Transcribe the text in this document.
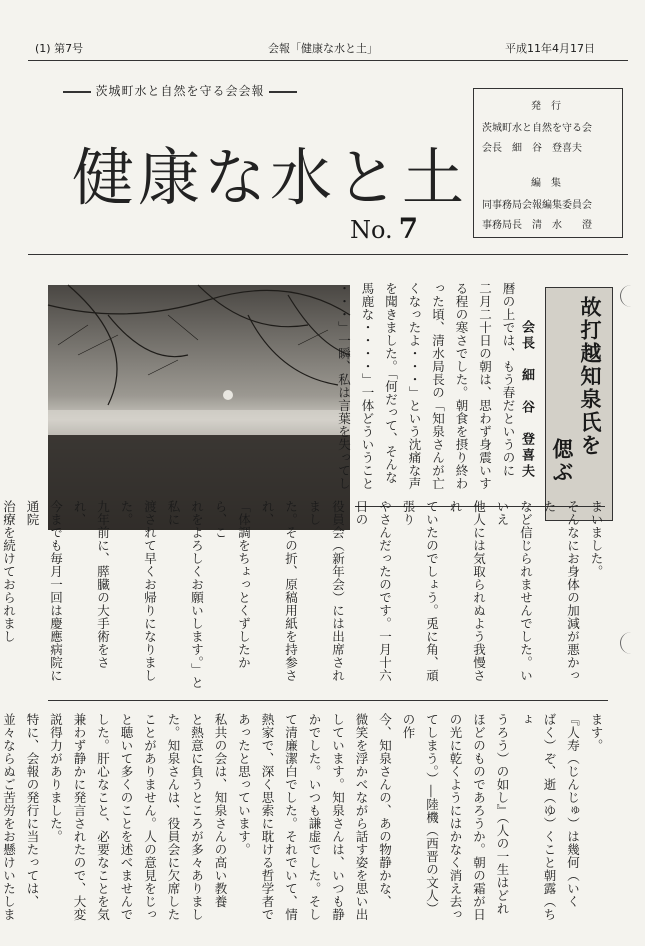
(1) 第7号	会報「健康な水と土」	平成11年4月17日
茨城町水と自然を守る会会報
健康な水と土
No. 7
発　行
茨城町水と自然を守る会
会長　細　谷　登喜夫
編　集
同事務局会報編集委員会
事務局長　清　水　　澄
故打越知泉氏を
偲ぶ
会長　細　谷　登喜夫
暦の上では、もう春だというのに
二月二十日の朝は、思わず身震いす
る程の寒さでした。朝食を摂り終わ
った頃、清水局長の「知泉さんが亡
くなったよ・・・」という沈痛な声
を聞きました。「何だって、そんな
馬鹿な・・・・」一体どういうこと
・・・」一瞬、私は言葉を失ってし
まいました。
そんなにお身体の加減が悪かった
など信じられませんでした。いいえ
他人には気取られぬよう我慢され
ていたのでしょう。兎に角、頑張り
やさんだったのです。一月十六日の
役員会（新年会）には出席されまし
た。その折、原稿用紙を持参され、
「体調をちょっとくずしたから、こ
れをよろしくお願いします。」と私に
渡されて早くお帰りになりました。
九年前に、膵臓の大手術をされ、
今までも毎月一回は慶應病院に通院
治療を続けておられまし

ます。
『人寿（じんじゅ）は幾何（いく
ばく）ぞ、逝（ゆ）くこと朝露（ちょ
うろう）の如し』（人の一生はどれ
ほどのものであろうか。朝の霜が日
の光に乾くようにはかなく消え去っ
てしまう。）―陸機（西晋の文人）
の作
今、知泉さんの、あの物静かな、
微笑を浮かべながら話す姿を思い出
しています。知泉さんは、いつも静
かでした。いつも謙虚でした。そし
て清廉潔白でした。それでいて、情
熱家で、深く思索に耽ける哲学者で
あったと思っています。
私共の会は、知泉さんの高い教養
と熱意に負うところが多々ありまし
た。知泉さんは、役員会に欠席した
ことがありません。人の意見をじっ
と聴いて多くのことを述べませんで
した。肝心なこと、必要なことを気
兼わず静かに発言されたので、大変
説得力がありました。
特に、会報の発行に当たっては、
並々ならぬご苦労をお懸けいたしま
